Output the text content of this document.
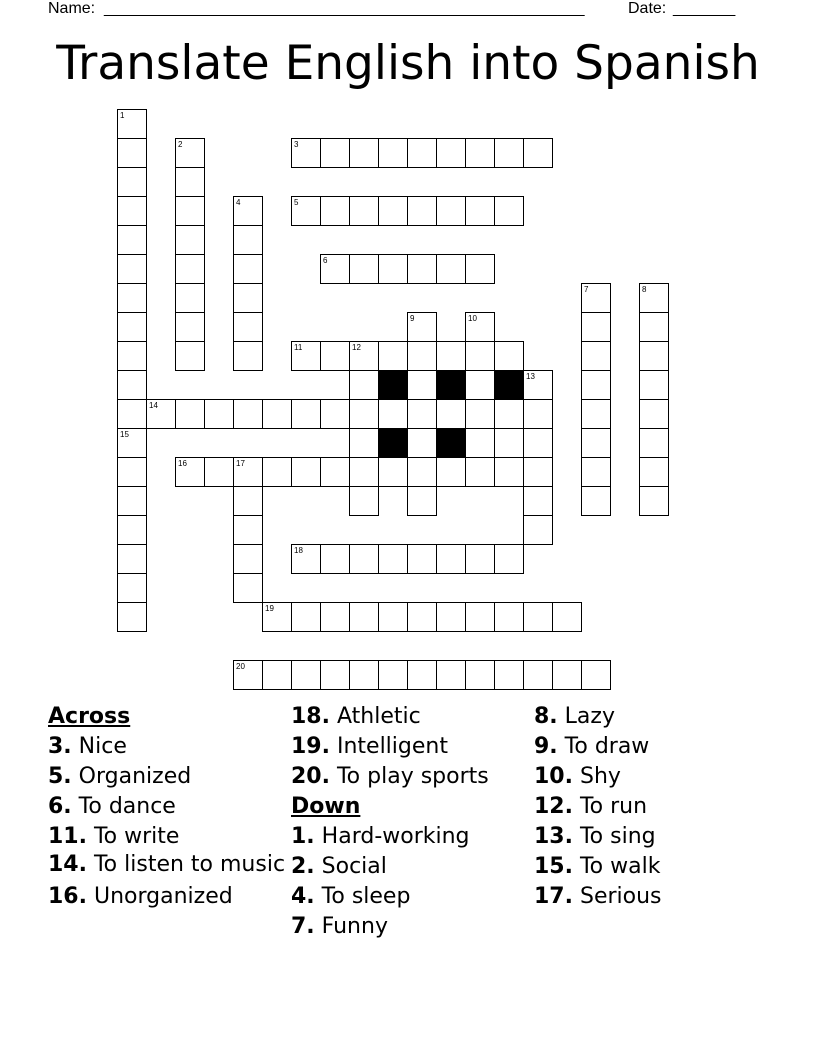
Name: ______________________________________________________	Date: _______
Translate English into Spanish
1
2	3
4	5
6
7	8
9	10
11	12
13
14
15
16	17
18
19
20
Across
3. Nice
5. Organized
6. To dance
11. To write
14. To listen to music
16. Unorganized
18. Athletic
19. Intelligent
20. To play sports
Down
1. Hard-working
2. Social
4. To sleep
7. Funny
8. Lazy
9. To draw
10. Shy
12. To run
13. To sing
15. To walk
17. Serious
